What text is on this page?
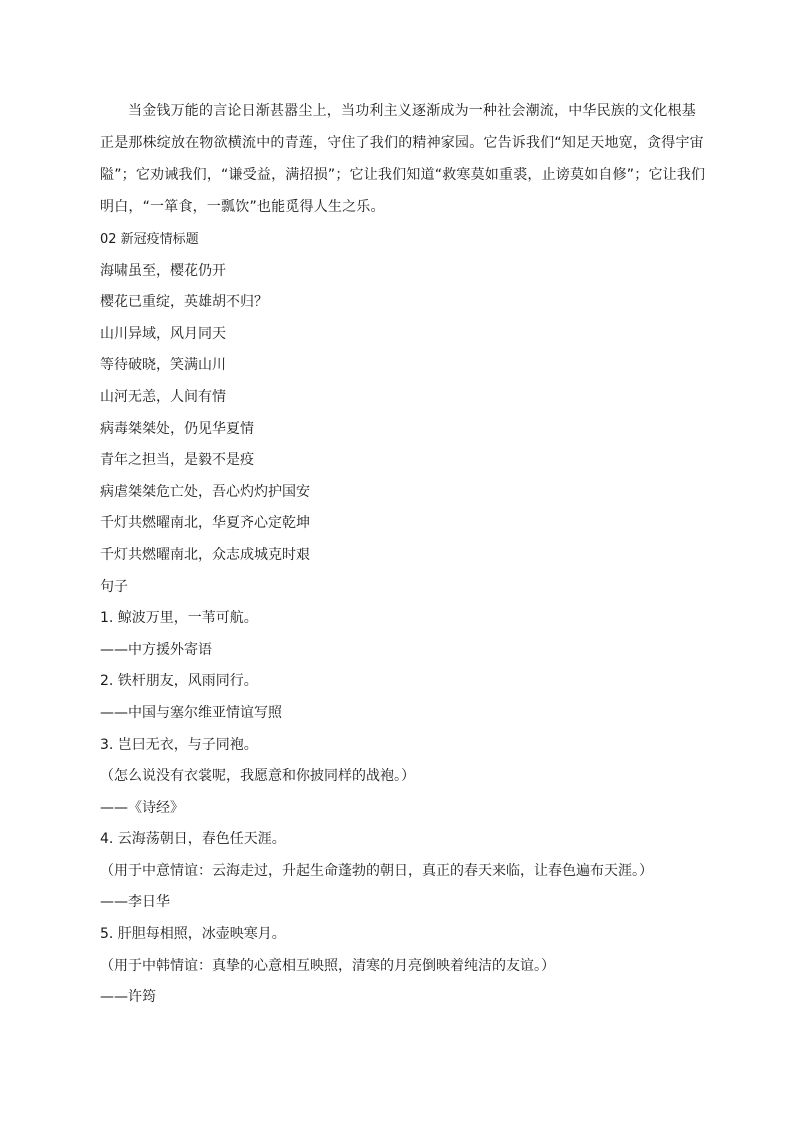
当金钱万能的言论日渐甚嚣尘上，当功利主义逐渐成为一种社会潮流，中华民族的文化根基正是那株绽放在物欲横流中的青莲，守住了我们的精神家园。它告诉我们“知足天地宽，贪得宇宙隘”；它劝诫我们，“谦受益，满招损”；它让我们知道“救寒莫如重裘，止谤莫如自修”；它让我们明白，“一箪食，一瓢饮”也能觅得人生之乐。
02 新冠疫情标题
海啸虽至，樱花仍开
樱花已重绽，英雄胡不归？
山川异域，风月同天
等待破晓，笑满山川
山河无恙，人间有情
病毒桀桀处，仍见华夏情
青年之担当，是毅不是疫
病虐桀桀危亡处，吾心灼灼护国安
千灯共燃曜南北，华夏齐心定乾坤
千灯共燃曜南北，众志成城克时艰
句子
1. 鲸波万里，一苇可航。
——中方援外寄语
2. 铁杆朋友，风雨同行。
——中国与塞尔维亚情谊写照
3. 岂曰无衣，与子同袍。
（怎么说没有衣裳呢，我愿意和你披同样的战袍。）
——《诗经》
4. 云海荡朝日，春色任天涯。
（用于中意情谊：云海走过，升起生命蓬勃的朝日，真正的春天来临，让春色遍布天涯。）
——李日华
5. 肝胆每相照，冰壶映寒月。
（用于中韩情谊：真挚的心意相互映照，清寒的月亮倒映着纯洁的友谊。）
——许筠
